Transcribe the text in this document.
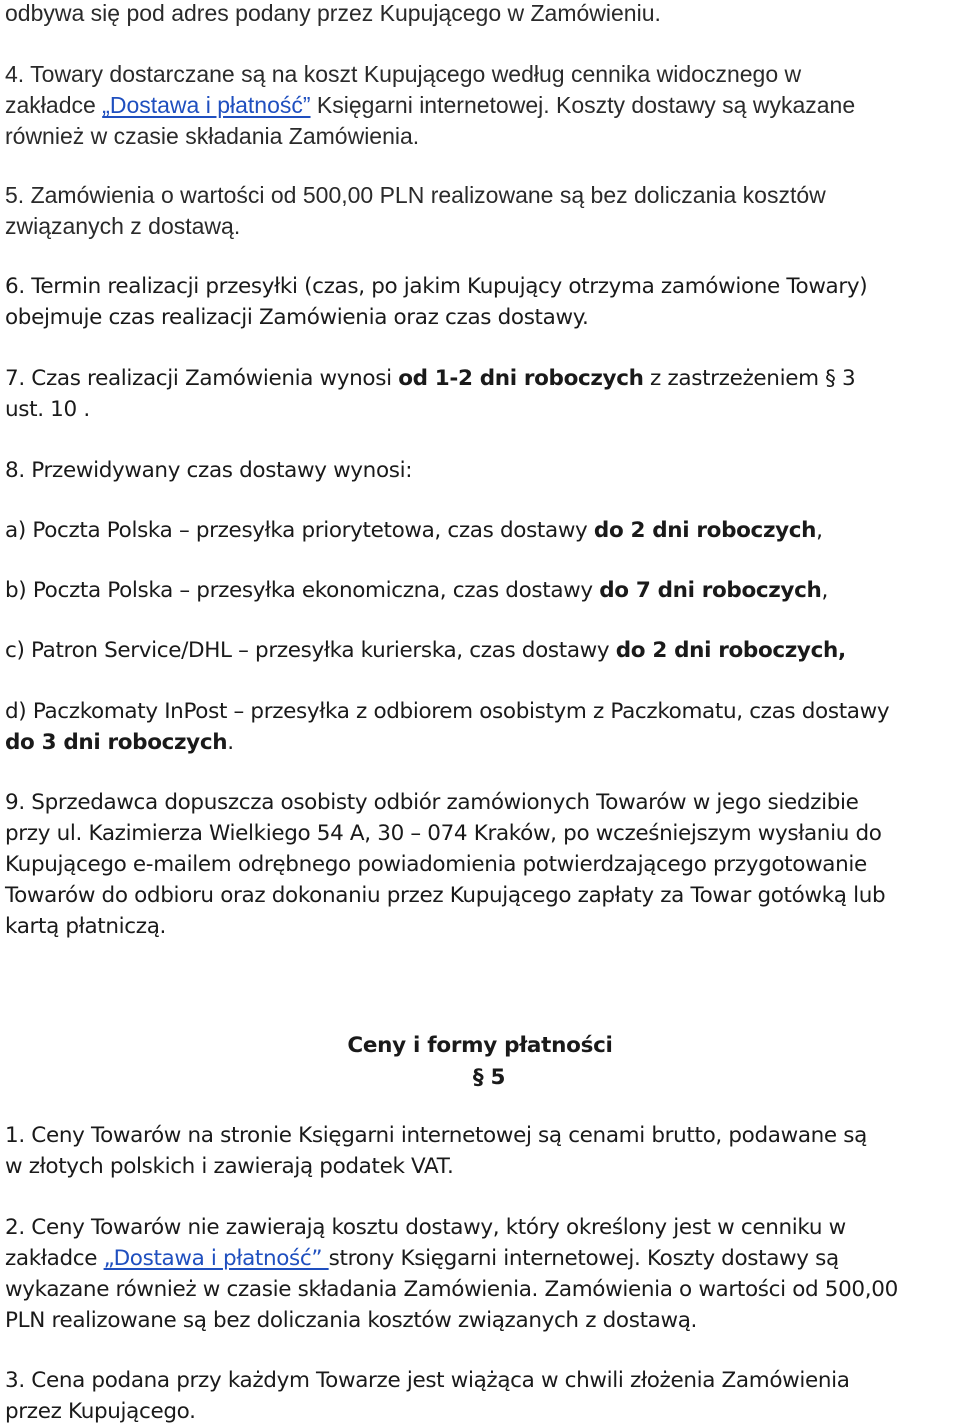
odbywa się pod adres podany przez Kupującego w Zamówieniu.
4. Towary dostarczane są na koszt Kupującego według cennika widocznego w
zakładce „Dostawa i płatność” Księgarni internetowej. Koszty dostawy są wykazane
również w czasie składania Zamówienia.
5. Zamówienia o wartości od 500,00 PLN realizowane są bez doliczania kosztów
związanych z dostawą.
6. Termin realizacji przesyłki (czas, po jakim Kupujący otrzyma zamówione Towary)
obejmuje czas realizacji Zamówienia oraz czas dostawy.
7. Czas realizacji Zamówienia wynosi od 1-2 dni roboczych z zastrzeżeniem § 3
ust. 10 .
8. Przewidywany czas dostawy wynosi:
a) Poczta Polska – przesyłka priorytetowa, czas dostawy do 2 dni roboczych,
b) Poczta Polska – przesyłka ekonomiczna, czas dostawy do 7 dni roboczych,
c) Patron Service/DHL – przesyłka kurierska, czas dostawy do 2 dni roboczych,
d) Paczkomaty InPost – przesyłka z odbiorem osobistym z Paczkomatu, czas dostawy
do 3 dni roboczych.
9. Sprzedawca dopuszcza osobisty odbiór zamówionych Towarów w jego siedzibie
przy ul. Kazimierza Wielkiego 54 A, 30 – 074 Kraków, po wcześniejszym wysłaniu do
Kupującego e-mailem odrębnego powiadomienia potwierdzającego przygotowanie
Towarów do odbioru oraz dokonaniu przez Kupującego zapłaty za Towar gotówką lub
kartą płatniczą.
Ceny i formy płatności
§ 5
1. Ceny Towarów na stronie Księgarni internetowej są cenami brutto, podawane są
w złotych polskich i zawierają podatek VAT.
2. Ceny Towarów nie zawierają kosztu dostawy, który określony jest w cenniku w
zakładce „Dostawa i płatność” strony Księgarni internetowej. Koszty dostawy są
wykazane również w czasie składania Zamówienia. Zamówienia o wartości od 500,00
PLN realizowane są bez doliczania kosztów związanych z dostawą.
3. Cena podana przy każdym Towarze jest wiążąca w chwili złożenia Zamówienia
przez Kupującego.
